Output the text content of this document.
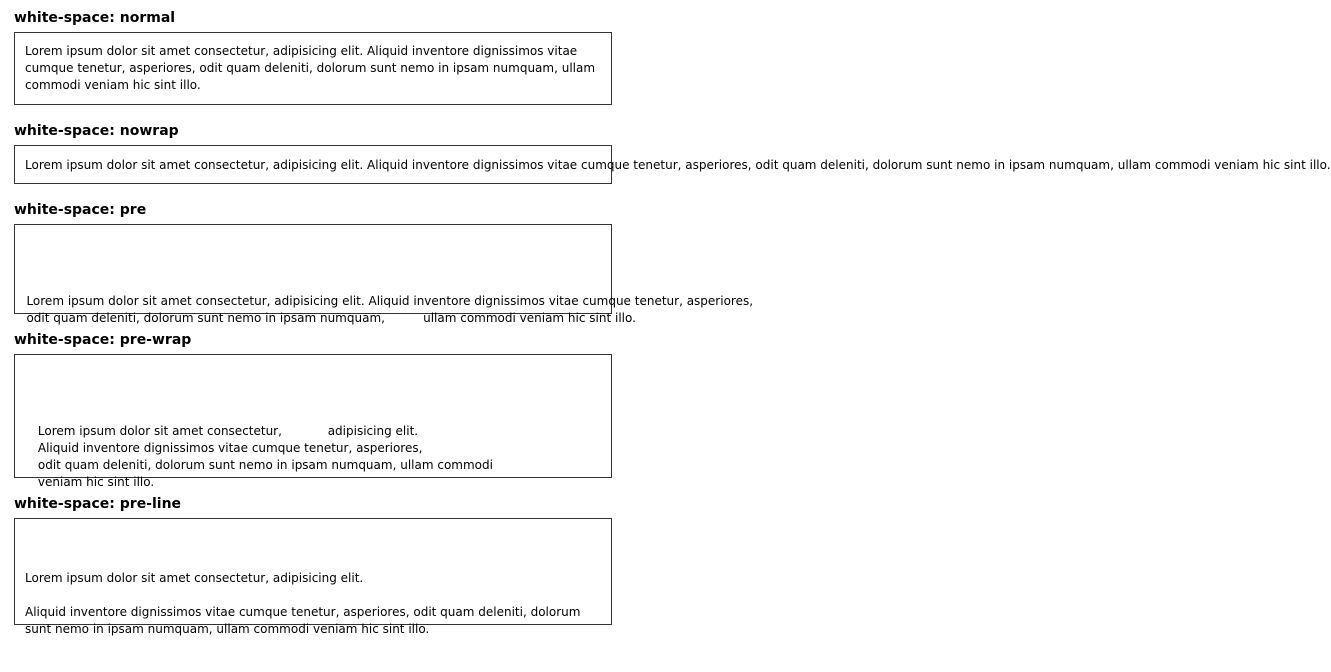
white-space: normal

Lorem ipsum dolor sit amet consectetur, adipisicing elit. Aliquid inventore dignissimos vitae cumque tenetur, asperiores, odit quam deleniti, dolorum sunt nemo in ipsam numquam, ullam commodi veniam hic sint illo.

white-space: nowrap

Lorem ipsum dolor sit amet consectetur, adipisicing elit. Aliquid inventore dignissimos vitae cumque tenetur, asperiores, odit quam deleniti, dolorum sunt nemo in ipsam numquam, ullam commodi veniam hic sint illo.

white-space: pre

Lorem ipsum dolor sit amet consectetur, adipisicing elit. Aliquid inventore dignissimos vitae cumque tenetur, asperiores,
odit quam deleniti, dolorum sunt nemo in ipsam numquam,          ullam commodi veniam hic sint illo.

white-space: pre-wrap

Lorem ipsum dolor sit amet consectetur,            adipisicing elit.
Aliquid inventore dignissimos vitae cumque tenetur, asperiores,
odit quam deleniti, dolorum sunt nemo in ipsam numquam, ullam commodi
veniam hic sint illo.

white-space: pre-line

Lorem ipsum dolor sit amet consectetur, adipisicing elit.

Aliquid inventore dignissimos vitae cumque tenetur, asperiores, odit quam deleniti, dolorum sunt nemo in ipsam numquam, ullam commodi veniam hic sint illo.
